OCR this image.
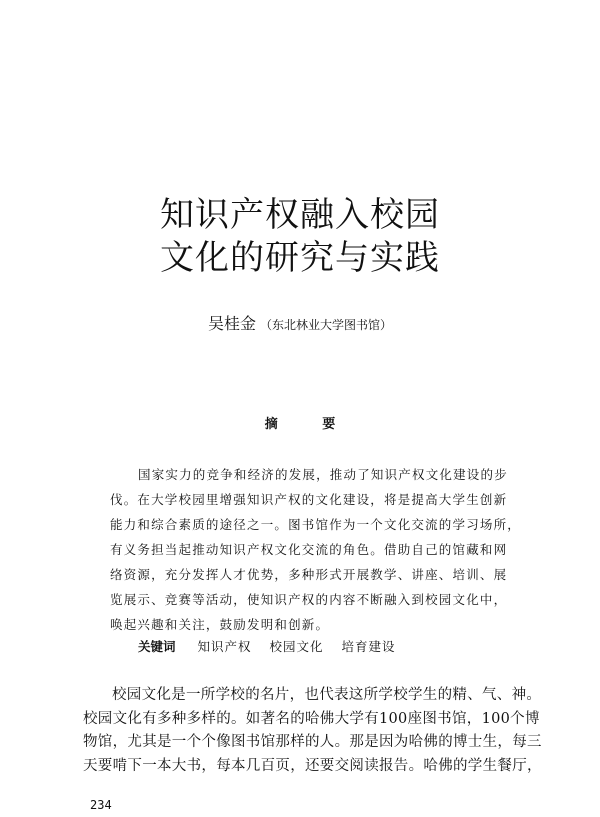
知识产权融入校园
文化的研究与实践
吴桂金 （东北林业大学图书馆）
摘 要
国家实力的竞争和经济的发展，推动了知识产权文化建设的步
伐。在大学校园里增强知识产权的文化建设，将是提高大学生创新
能力和综合素质的途径之一。图书馆作为一个文化交流的学习场所，
有义务担当起推动知识产权文化交流的角色。借助自己的馆藏和网
络资源，充分发挥人才优势，多种形式开展教学、讲座、培训、展
览展示、竞赛等活动，使知识产权的内容不断融入到校园文化中，
唤起兴趣和关注，鼓励发明和创新。
关键词 知识产权 校园文化 培育建设
校园文化是一所学校的名片，也代表这所学校学生的精、气、神。
校园文化有多种多样的。如著名的哈佛大学有100座图书馆，100个博
物馆，尤其是一个个像图书馆那样的人。那是因为哈佛的博士生，每三
天要啃下一本大书，每本几百页，还要交阅读报告。哈佛的学生餐厅，
234
